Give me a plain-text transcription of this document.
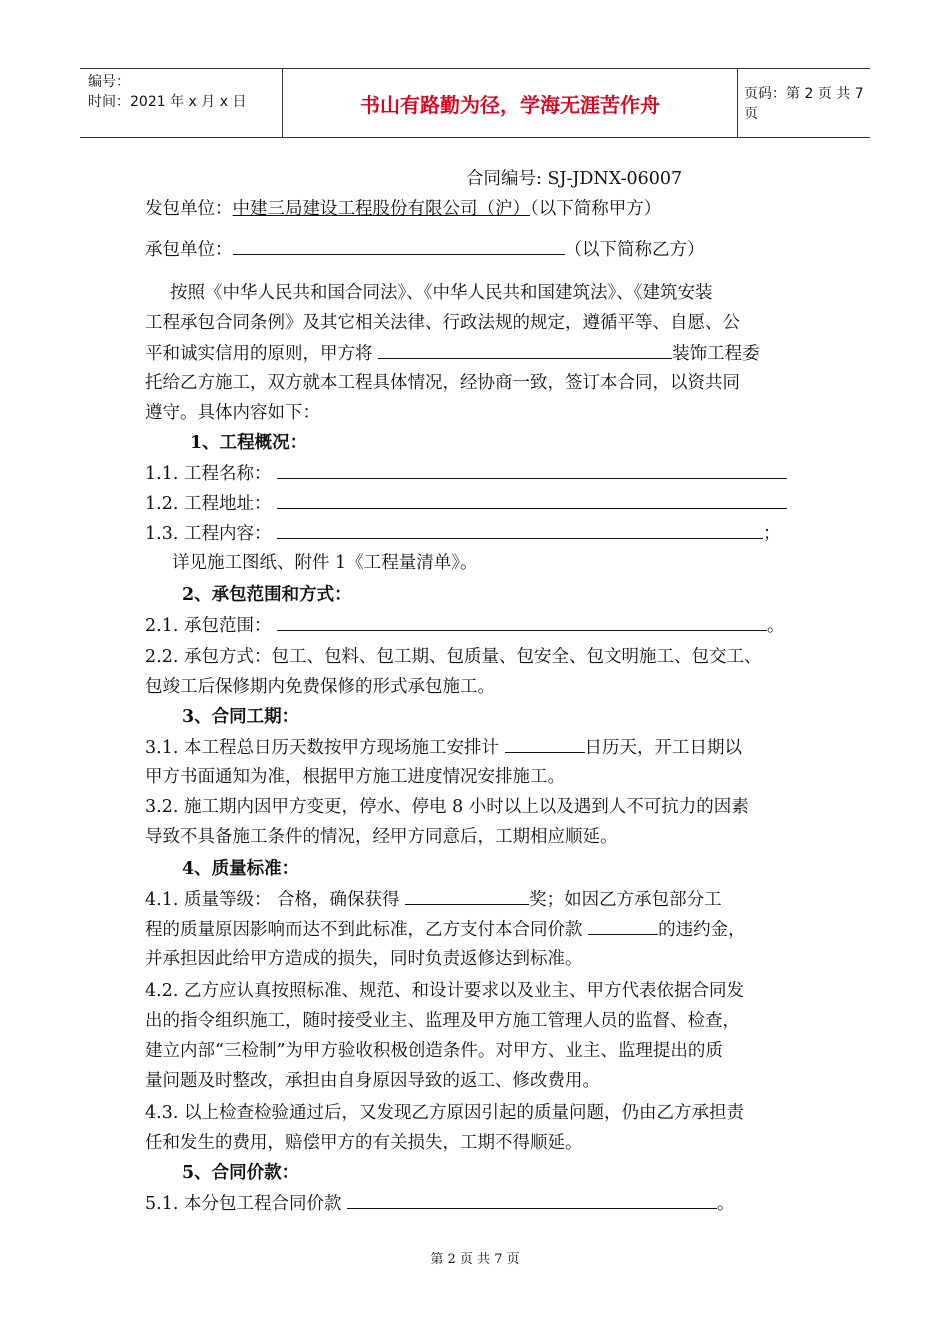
编号：
时间：2021 年 x 月 x 日	书山有路勤为径，学海无涯苦作舟	页码：第 2 页 共 7 页
合同编号: SJ-JDNX-06007
发包单位：中建三局建设工程股份有限公司（沪）（以下简称甲方）
承包单位：	（以下简称乙方）
按照《中华人民共和国合同法》、《中华人民共和国建筑法》、《建筑安装
工程承包合同条例》及其它相关法律、行政法规的规定，遵循平等、自愿、公
平和诚实信用的原则，甲方将	装饰工程委
托给乙方施工，双方就本工程具体情况，经协商一致，签订本合同，以资共同
遵守。具体内容如下：
1、工程概况：
1.1. 工程名称：
1.2. 工程地址：
1.3. 工程内容：	；
详见施工图纸、附件 1《工程量清单》。
2、承包范围和方式：
2.1. 承包范围：	。
2.2. 承包方式：包工、包料、包工期、包质量、包安全、包文明施工、包交工、
包竣工后保修期内免费保修的形式承包施工。
3、合同工期：
3.1. 本工程总日历天数按甲方现场施工安排计	日历天，开工日期以
甲方书面通知为准，根据甲方施工进度情况安排施工。
3.2. 施工期内因甲方变更，停水、停电 8 小时以上以及遇到人不可抗力的因素
导致不具备施工条件的情况，经甲方同意后，工期相应顺延。
4、质量标准：
4.1. 质量等级： 合格，确保获得	奖；如因乙方承包部分工
程的质量原因影响而达不到此标准，乙方支付本合同价款	的违约金，
并承担因此给甲方造成的损失，同时负责返修达到标准。
4.2. 乙方应认真按照标准、规范、和设计要求以及业主、甲方代表依据合同发
出的指令组织施工，随时接受业主、监理及甲方施工管理人员的监督、检查，
建立内部“三检制”为甲方验收积极创造条件。对甲方、业主、监理提出的质
量问题及时整改，承担由自身原因导致的返工、修改费用。
4.3. 以上检查检验通过后，又发现乙方原因引起的质量问题，仍由乙方承担责
任和发生的费用，赔偿甲方的有关损失，工期不得顺延。
5、合同价款：
5.1. 本分包工程合同价款	。
第 2 页 共 7 页
